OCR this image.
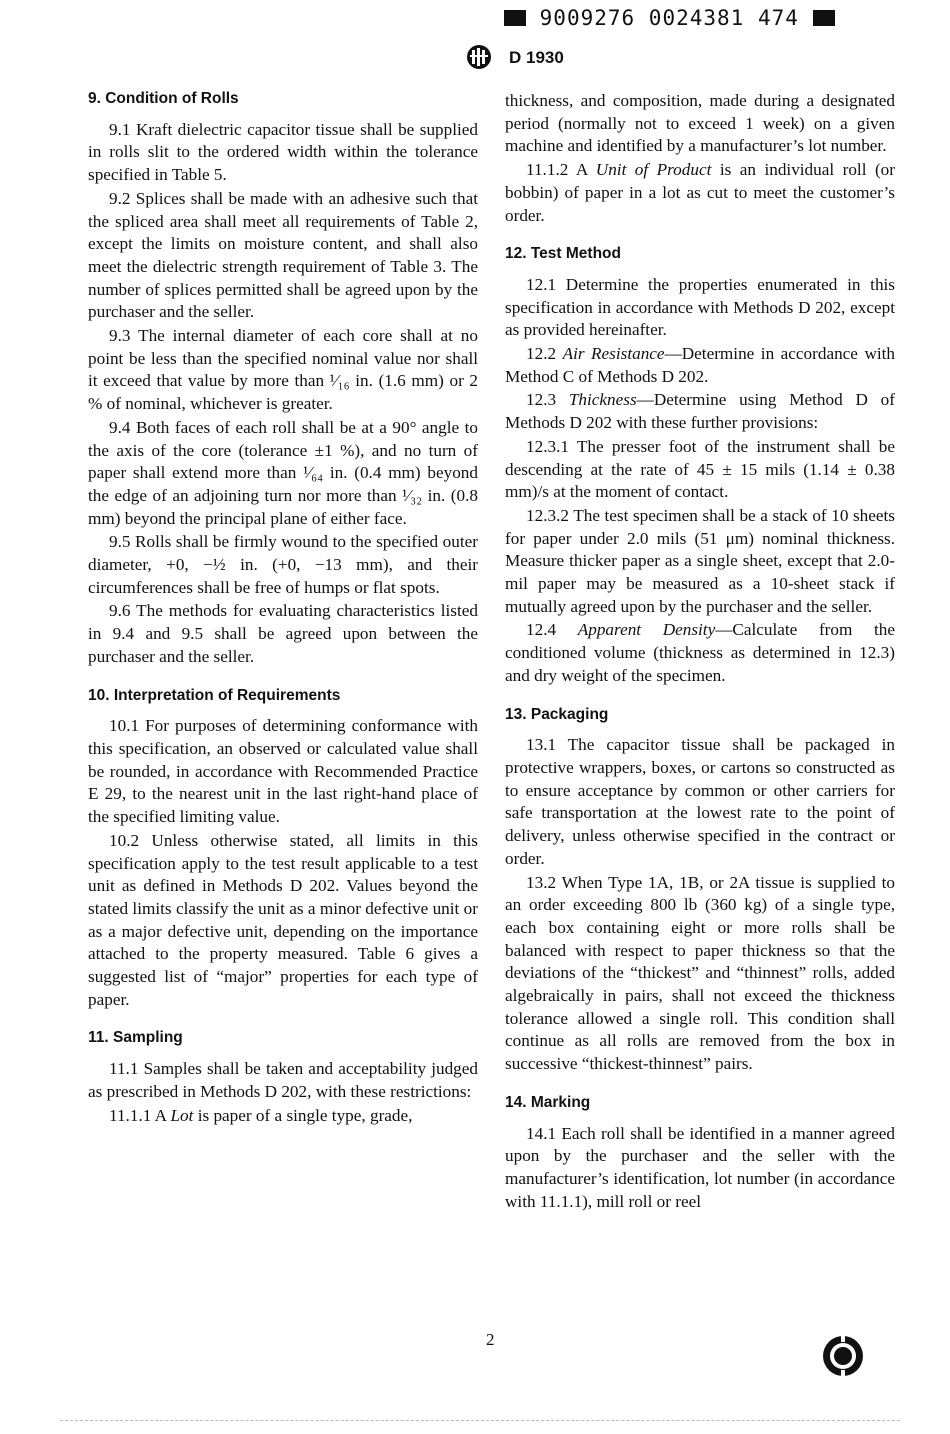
9009276 0024381 474
D 1930
9. Condition of Rolls

9.1 Kraft dielectric capacitor tissue shall be supplied in rolls slit to the ordered width within the tolerance specified in Table 5.

9.2 Splices shall be made with an adhesive such that the spliced area shall meet all requirements of Table 2, except the limits on moisture content, and shall also meet the dielectric strength requirement of Table 3. The number of splices permitted shall be agreed upon by the purchaser and the seller.

9.3 The internal diameter of each core shall at no point be less than the specified nominal value nor shall it exceed that value by more than ¹⁄₁₆ in. (1.6 mm) or 2 % of nominal, whichever is greater.

9.4 Both faces of each roll shall be at a 90° angle to the axis of the core (tolerance ±1 %), and no turn of paper shall extend more than ¹⁄₆₄ in. (0.4 mm) beyond the edge of an adjoining turn nor more than ¹⁄₃₂ in. (0.8 mm) beyond the principal plane of either face.

9.5 Rolls shall be firmly wound to the specified outer diameter, +0, −½ in. (+0, −13 mm), and their circumferences shall be free of humps or flat spots.

9.6 The methods for evaluating characteristics listed in 9.4 and 9.5 shall be agreed upon between the purchaser and the seller.

10. Interpretation of Requirements

10.1 For purposes of determining conformance with this specification, an observed or calculated value shall be rounded, in accordance with Recommended Practice E 29, to the nearest unit in the last right-hand place of the specified limiting value.

10.2 Unless otherwise stated, all limits in this specification apply to the test result applicable to a test unit as defined in Methods D 202. Values beyond the stated limits classify the unit as a minor defective unit or as a major defective unit, depending on the importance attached to the property measured. Table 6 gives a suggested list of “major” properties for each type of paper.

11. Sampling

11.1 Samples shall be taken and acceptability judged as prescribed in Methods D 202, with these restrictions:

11.1.1 A Lot is paper of a single type, grade,

thickness, and composition, made during a designated period (normally not to exceed 1 week) on a given machine and identified by a manufacturer’s lot number.

11.1.2 A Unit of Product is an individual roll (or bobbin) of paper in a lot as cut to meet the customer’s order.

12. Test Method

12.1 Determine the properties enumerated in this specification in accordance with Methods D 202, except as provided hereinafter.

12.2 Air Resistance—Determine in accordance with Method C of Methods D 202.

12.3 Thickness—Determine using Method D of Methods D 202 with these further provisions:

12.3.1 The presser foot of the instrument shall be descending at the rate of 45 ± 15 mils (1.14 ± 0.38 mm)/s at the moment of contact.

12.3.2 The test specimen shall be a stack of 10 sheets for paper under 2.0 mils (51 μm) nominal thickness. Measure thicker paper as a single sheet, except that 2.0-mil paper may be measured as a 10-sheet stack if mutually agreed upon by the purchaser and the seller.

12.4 Apparent Density—Calculate from the conditioned volume (thickness as determined in 12.3) and dry weight of the specimen.

13. Packaging

13.1 The capacitor tissue shall be packaged in protective wrappers, boxes, or cartons so constructed as to ensure acceptance by common or other carriers for safe transportation at the lowest rate to the point of delivery, unless otherwise specified in the contract or order.

13.2 When Type 1A, 1B, or 2A tissue is supplied to an order exceeding 800 lb (360 kg) of a single type, each box containing eight or more rolls shall be balanced with respect to paper thickness so that the deviations of the “thickest” and “thinnest” rolls, added algebraically in pairs, shall not exceed the thickness tolerance allowed a single roll. This condition shall continue as all rolls are removed from the box in successive “thickest-thinnest” pairs.

14. Marking

14.1 Each roll shall be identified in a manner agreed upon by the purchaser and the seller with the manufacturer’s identification, lot number (in accordance with 11.1.1), mill roll or reel

2
